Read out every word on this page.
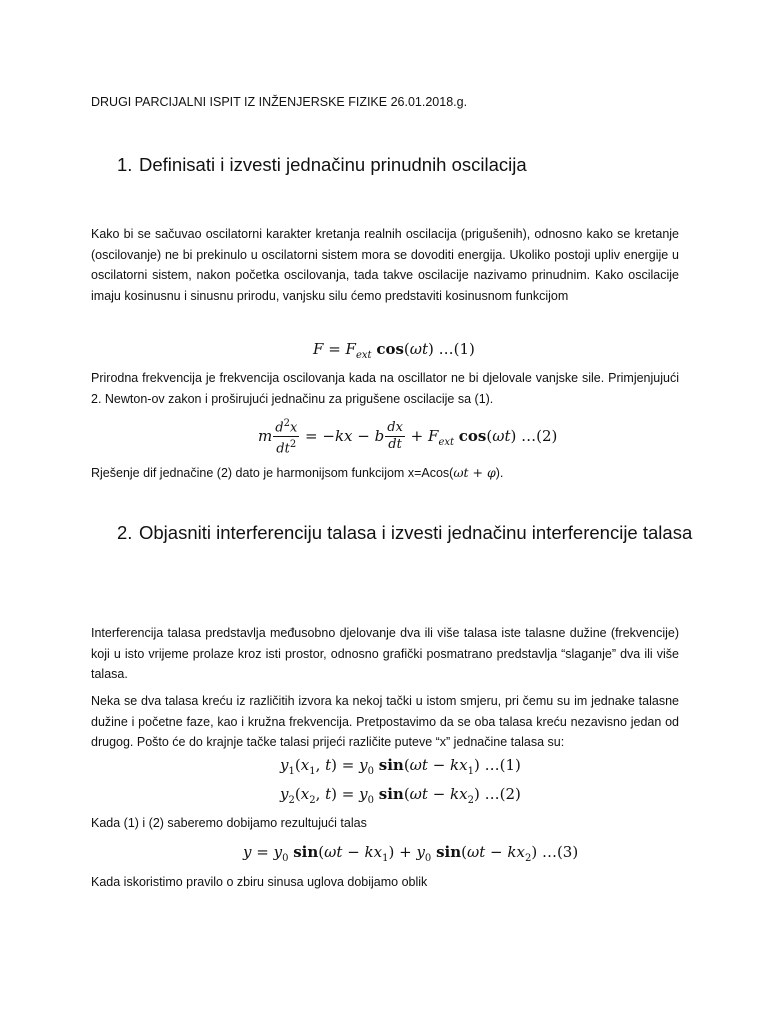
DRUGI PARCIJALNI ISPIT IZ INŽENJERSKE FIZIKE 26.01.2018.g.
1. Definisati i izvesti jednačinu prinudnih oscilacija
Kako bi se sačuvao oscilatorni karakter kretanja realnih oscilacija (prigušenih), odnosno kako se kretanje (oscilovanje) ne bi prekinulo u oscilatorni sistem mora se dovoditi energija. Ukoliko postoji upliv energije u oscilatorni sistem, nakon početka oscilovanja, tada takve oscilacije nazivamo prinudnim. Kako oscilacije imaju kosinusnu i sinusnu prirodu, vanjsku silu ćemo predstaviti kosinusnom funkcijom
$F = F_{ext}$ cos(ωt) …(1)
Prirodna frekvencija je frekvencija oscilovanja kada na oscillator ne bi djelovale vanjske sile. Primjenjujući 2. Newton-ov zakon i proširujući jednačinu za prigušene oscilacije sa (1).
m $\frac{d^2x}{dt^2} = -kx - b \frac{dx}{dt} + F_{ext}$ cos(ωt) …(2)
Rješenje dif jednačine (2) dato je harmonijsom funkcijom x=Acos(ωt + φ).
2. Objasniti interferenciju talasa i izvesti jednačinu interferencije talasa
Interferencija talasa predstavlja međusobno djelovanje dva ili više talasa iste talasne dužine (frekvencije) koji u isto vrijeme prolaze kroz isti prostor, odnosno grafički posmatrano predstavlja “slaganje” dva ili više talasa.
Neka se dva talasa kreću iz različitih izvora ka nekoj tački u istom smjeru, pri čemu su im jednake talasne dužine i početne faze, kao i kružna frekvencija. Pretpostavimo da se oba talasa kreću nezavisno jedan od drugog. Pošto će do krajnje tačke talasi prijeći različite puteve “x” jednačine talasa su:
$y_1(x_1$, $t) = y_0$ $\sin(\omega t - kx_1)$ …(1)
$y_2(x_2$, $t) = y_0$ $\sin(\omega t - kx_2)$ …(2)
Kada (1) i (2) saberemo dobijamo rezultujući talas
$y = y_0$ $\sin(\omega t - kx_1) + y_0$ $\sin(\omega t - kx_2)$ …(3)
Kada iskoristimo pravilo o zbiru sinusa uglova dobijamo oblik
